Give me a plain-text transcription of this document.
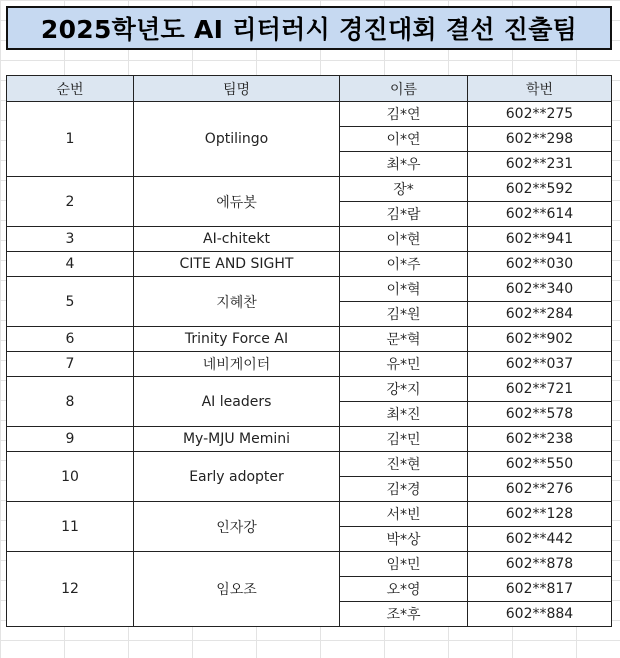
2025학년도 AI 리터러시 경진대회 결선 진출팀
순번	팀명	이름	학번
1	Optilingo	김*연	602**275
		이*연	602**298
		최*우	602**231
2	에듀봇	장*	602**592
		김*람	602**614
3	AI-chitekt	이*현	602**941
4	CITE AND SIGHT	이*주	602**030
5	지혜찬	이*혁	602**340
		김*원	602**284
6	Trinity Force AI	문*혁	602**902
7	네비게이터	유*민	602**037
8	AI leaders	강*지	602**721
		최*진	602**578
9	My-MJU Memini	김*민	602**238
10	Early adopter	진*현	602**550
		김*경	602**276
11	인자강	서*빈	602**128
		박*상	602**442
12	임오조	임*민	602**878
		오*영	602**817
		조*후	602**884
